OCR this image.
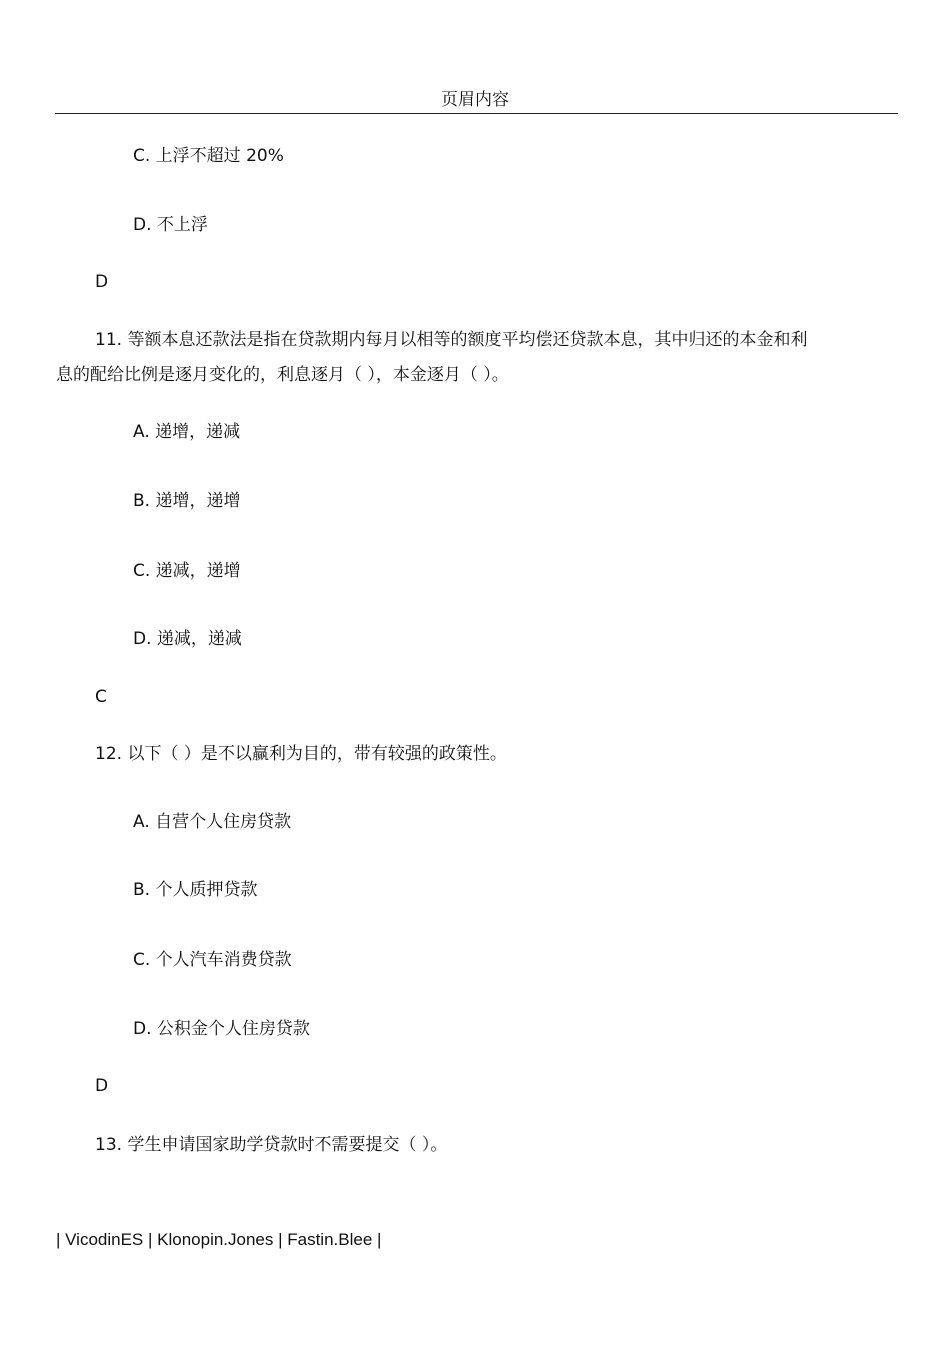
页眉内容
C. 上浮不超过 20%
D. 不上浮
D
11. 等额本息还款法是指在贷款期内每月以相等的额度平均偿还贷款本息，其中归还的本金和利
息的配给比例是逐月变化的，利息逐月（ ），本金逐月（ ）。
A. 递增，递减
B. 递增，递增
C. 递减，递增
D. 递减，递减
C
12. 以下（ ）是不以赢利为目的，带有较强的政策性。
A. 自营个人住房贷款
B. 个人质押贷款
C. 个人汽车消费贷款
D. 公积金个人住房贷款
D
13. 学生申请国家助学贷款时不需要提交（ ）。
| VicodinES | Klonopin.Jones | Fastin.Blee |
